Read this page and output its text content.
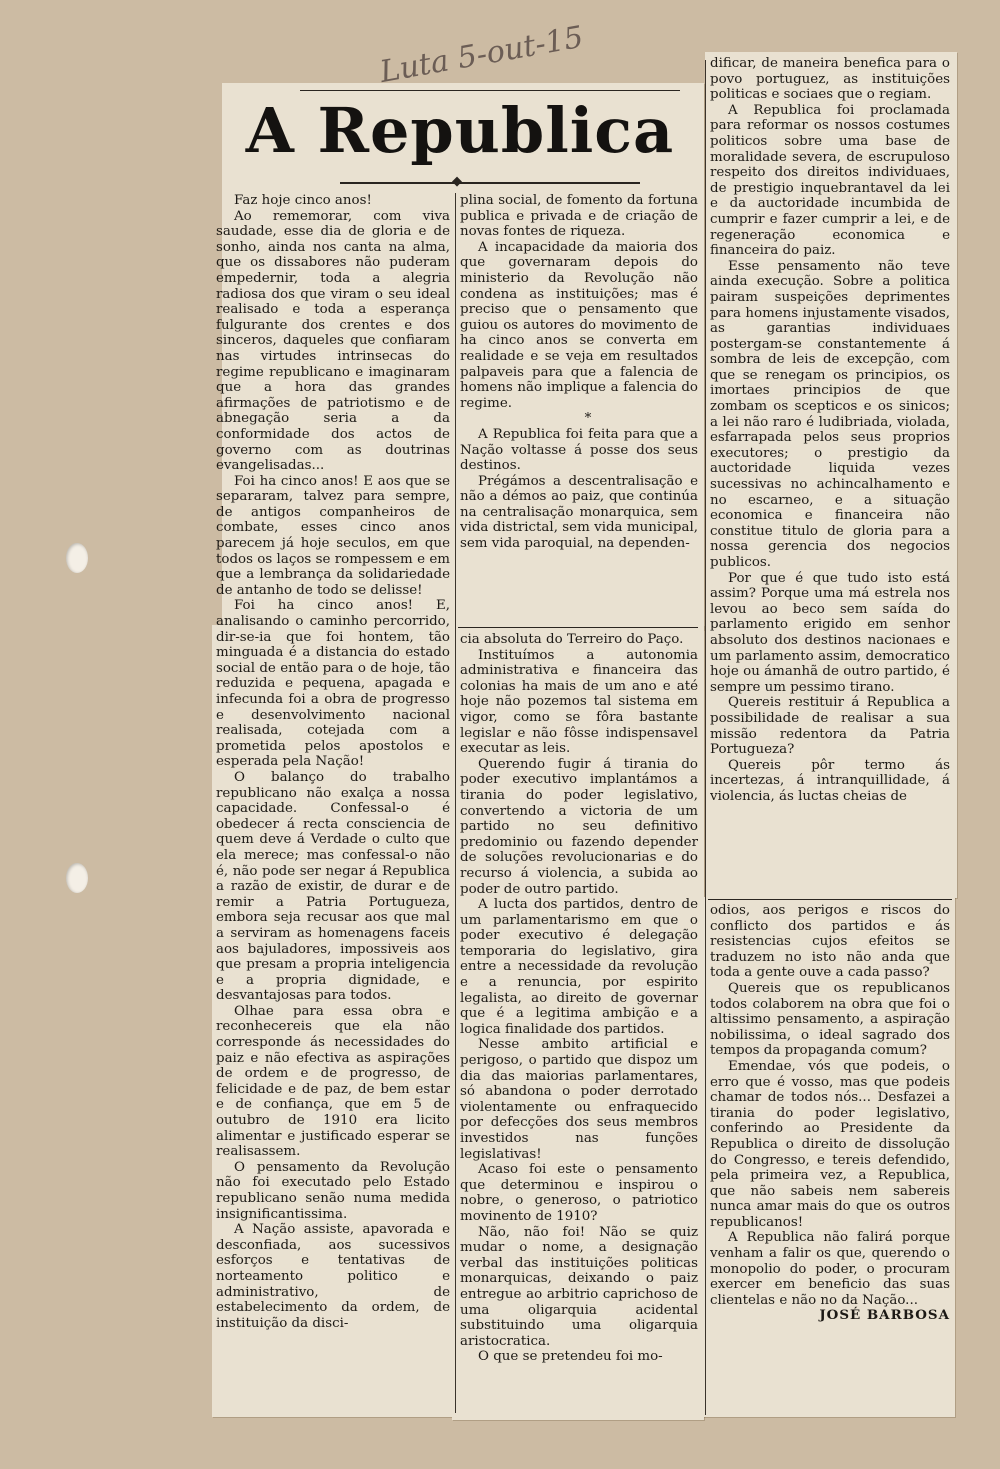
Luta 5-out-15
A Republica
◆

Faz hoje cinco anos!

Ao rememorar, com viva saudade, esse dia de gloria e de sonho, ainda nos canta na alma, que os dissabores não puderam empedernir, toda a alegria radiosa dos que viram o seu ideal realisado e toda a esperança fulgurante dos crentes e dos sinceros, daqueles que confiaram nas virtudes intrinsecas do regime republicano e imaginaram que a hora das grandes afirmações de patriotismo e de abnegação seria a da conformidade dos actos de governo com as doutrinas evangelisadas...

Foi ha cinco anos! E aos que se separaram, talvez para sempre, de antigos companheiros de combate, esses cinco anos parecem já hoje seculos, em que todos os laços se rompessem e em que a lembrança da solidariedade de antanho de todo se delisse!

Foi ha cinco anos! E, analisando o caminho percorrido, dir-se-ia que foi hontem, tão minguada é a distancia do estado social de então para o de hoje, tão reduzida e pequena, apagada e infecunda foi a obra de progresso e desenvolvimento nacional realisada, cotejada com a prometida pelos apostolos e esperada pela Nação!

O balanço do trabalho republicano não exalça a nossa capacidade. Confessal-o é obedecer á recta consciencia de quem deve á Verdade o culto que ela merece; mas confessal-o não é, não pode ser negar á Republica a razão de existir, de durar e de remir a Patria Portugueza, embora seja recusar aos que mal a serviram as homenagens faceis aos bajuladores, impossiveis aos que presam a propria inteligencia e a propria dignidade, e desvantajosas para todos.

Olhae para essa obra e reconhecereis que ela não corresponde ás necessidades do paiz e não efectiva as aspirações de ordem e de progresso, de felicidade e de paz, de bem estar e de confiança, que em 5 de outubro de 1910 era licito alimentar e justificado esperar se realisassem.

O pensamento da Revolução não foi executado pelo Estado republicano senão numa medida insignificantissima.

A Nação assiste, apavorada e desconfiada, aos sucessivos esforços e tentativas de norteamento politico e administrativo, de estabelecimento da ordem, de instituição da disci-

plina social, de fomento da fortuna publica e privada e de criação de novas fontes de riqueza.

A incapacidade da maioria dos que governaram depois do ministerio da Revolução não condena as instituições; mas é preciso que o pensamento que guiou os autores do movimento de ha cinco anos se converta em realidade e se veja em resultados palpaveis para que a falencia de homens não implique a falencia do regime.

*

A Republica foi feita para que a Nação voltasse á posse dos seus destinos.

Prégámos a descentralisação e não a démos ao paiz, que continúa na centralisação monarquica, sem vida districtal, sem vida municipal, sem vida paroquial, na dependen-

cia absoluta do Terreiro do Paço.

Instituímos a autonomia administrativa e financeira das colonias ha mais de um ano e até hoje não pozemos tal sistema em vigor, como se fôra bastante legislar e não fôsse indispensavel executar as leis.

Querendo fugir á tirania do poder executivo implantámos a tirania do poder legislativo, convertendo a victoria de um partido no seu definitivo predominio ou fazendo depender de soluções revolucionarias e do recurso á violencia, a subida ao poder de outro partido.

A lucta dos partidos, dentro de um parlamentarismo em que o poder executivo é delegação temporaria do legislativo, gira entre a necessidade da revolução e a renuncia, por espirito legalista, ao direito de governar que é a legitima ambição e a logica finalidade dos partidos.

Nesse ambito artificial e perigoso, o partido que dispoz um dia das maiorias parlamentares, só abandona o poder derrotado violentamente ou enfraquecido por defecções dos seus membros investidos nas funções legislativas!

Acaso foi este o pensamento que determinou e inspirou o nobre, o generoso, o patriotico movinento de 1910?

Não, não foi! Não se quiz mudar o nome, a designação verbal das instituições politicas monarquicas, deixando o paiz entregue ao arbitrio caprichoso de uma oligarquia acidental substituindo uma oligarquia aristocratica.

O que se pretendeu foi mo-

dificar, de maneira benefica para o povo portuguez, as instituições politicas e sociaes que o regiam.

A Republica foi proclamada para reformar os nossos costumes politicos sobre uma base de moralidade severa, de escrupuloso respeito dos direitos individuaes, de prestigio inquebrantavel da lei e da auctoridade incumbida de cumprir e fazer cumprir a lei, e de regeneração economica e financeira do paiz.

Esse pensamento não teve ainda execução. Sobre a politica pairam suspeições deprimentes para homens injustamente visados, as garantias individuaes postergam-se constantemente á sombra de leis de excepção, com que se renegam os principios, os imortaes principios de que zombam os scepticos e os sinicos; a lei não raro é ludibriada, violada, esfarrapada pelos seus proprios executores; o prestigio da auctoridade liquida vezes sucessivas no achincalhamento e no escarneo, e a situação economica e financeira não constitue titulo de gloria para a nossa gerencia dos negocios publicos.

Por que é que tudo isto está assim? Porque uma má estrela nos levou ao beco sem saída do parlamento erigido em senhor absoluto dos destinos nacionaes e um parlamento assim, democratico hoje ou ámanhã de outro partido, é sempre um pessimo tirano.

Quereis restituir á Republica a possibilidade de realisar a sua missão redentora da Patria Portugueza?

Quereis pôr termo ás incertezas, á intranquillidade, á violencia, ás luctas cheias de

odios, aos perigos e riscos do conflicto dos partidos e ás resistencias cujos efeitos se traduzem no isto não anda que toda a gente ouve a cada passo?

Quereis que os republicanos todos colaborem na obra que foi o altissimo pensamento, a aspiração nobilissima, o ideal sagrado dos tempos da propaganda comum?

Emendae, vós que podeis, o erro que é vosso, mas que podeis chamar de todos nós... Desfazei a tirania do poder legislativo, conferindo ao Presidente da Republica o direito de dissolução do Congresso, e tereis defendido, pela primeira vez, a Republica, que não sabeis nem sabereis nunca amar mais do que os outros republicanos!

A Republica não falirá porque venham a falir os que, querendo o monopolio do poder, o procuram exercer em beneficio das suas clientelas e não no da Nação...

JOSÉ BARBOSA
